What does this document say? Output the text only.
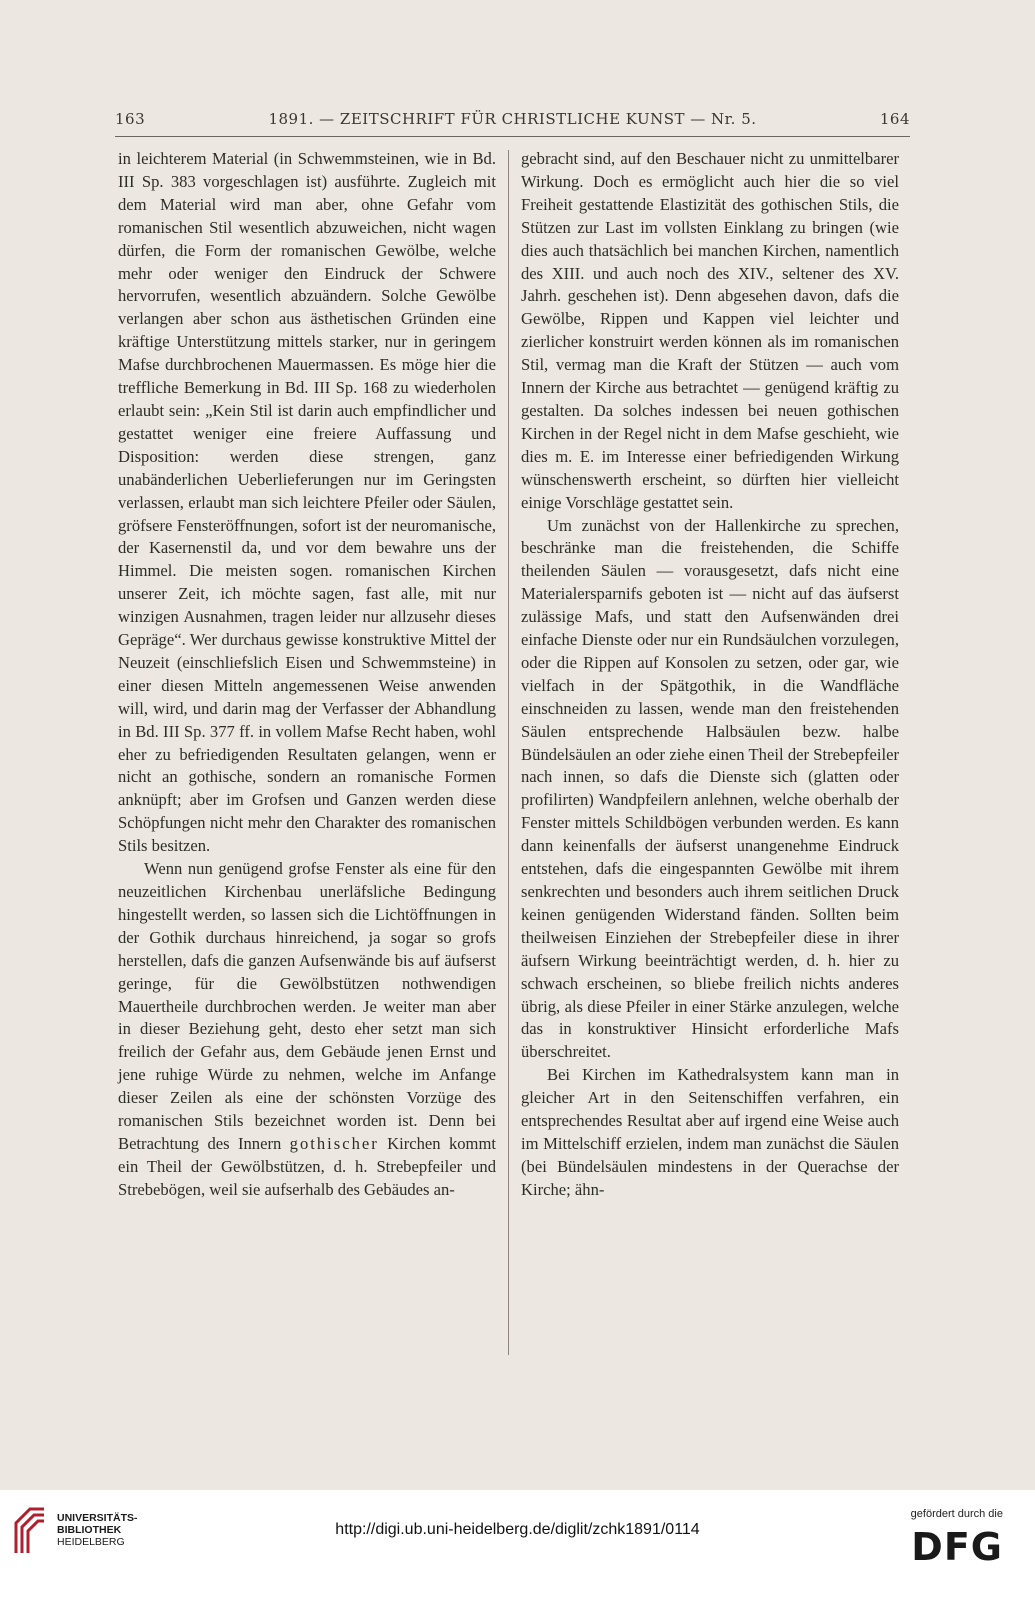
163	1891. — ZEITSCHRIFT FÜR CHRISTLICHE KUNST — Nr. 5.	164

in leichterem Material (in Schwemmsteinen, wie in Bd. III Sp. 383 vorgeschlagen ist) ausführte. Zugleich mit dem Material wird man aber, ohne Gefahr vom romanischen Stil wesentlich abzuweichen, nicht wagen dürfen, die Form der romanischen Gewölbe, welche mehr oder weniger den Eindruck der Schwere hervorrufen, wesentlich abzuändern. Solche Gewölbe verlangen aber schon aus ästhetischen Gründen eine kräftige Unterstützung mittels starker, nur in geringem Mafse durchbrochenen Mauermassen. Es möge hier die treffliche Bemerkung in Bd. III Sp. 168 zu wiederholen erlaubt sein: „Kein Stil ist darin auch empfindlicher und gestattet weniger eine freiere Auffassung und Disposition: werden diese strengen, ganz unabänderlichen Ueberlieferungen nur im Geringsten verlassen, erlaubt man sich leichtere Pfeiler oder Säulen, gröfsere Fensteröffnungen, sofort ist der neuromanische, der Kasernenstil da, und vor dem bewahre uns der Himmel. Die meisten sogen. romanischen Kirchen unserer Zeit, ich möchte sagen, fast alle, mit nur winzigen Ausnahmen, tragen leider nur allzusehr dieses Gepräge“. Wer durchaus gewisse konstruktive Mittel der Neuzeit (einschliefslich Eisen und Schwemmsteine) in einer diesen Mitteln angemessenen Weise anwenden will, wird, und darin mag der Verfasser der Abhandlung in Bd. III Sp. 377 ff. in vollem Mafse Recht haben, wohl eher zu befriedigenden Resultaten gelangen, wenn er nicht an gothische, sondern an romanische Formen anknüpft; aber im Grofsen und Ganzen werden diese Schöpfungen nicht mehr den Charakter des romanischen Stils besitzen.

Wenn nun genügend grofse Fenster als eine für den neuzeitlichen Kirchenbau unerläfsliche Bedingung hingestellt werden, so lassen sich die Lichtöffnungen in der Gothik durchaus hinreichend, ja sogar so grofs herstellen, dafs die ganzen Aufsenwände bis auf äufserst geringe, für die Gewölbstützen nothwendigen Mauertheile durchbrochen werden. Je weiter man aber in dieser Beziehung geht, desto eher setzt man sich freilich der Gefahr aus, dem Gebäude jenen Ernst und jene ruhige Würde zu nehmen, welche im Anfange dieser Zeilen als eine der schönsten Vorzüge des romanischen Stils bezeichnet worden ist. Denn bei Betrachtung des Innern gothischer Kirchen kommt ein Theil der Gewölbstützen, d. h. Strebepfeiler und Strebebögen, weil sie aufserhalb des Gebäudes an-

gebracht sind, auf den Beschauer nicht zu unmittelbarer Wirkung. Doch es ermöglicht auch hier die so viel Freiheit gestattende Elastizität des gothischen Stils, die Stützen zur Last im vollsten Einklang zu bringen (wie dies auch thatsächlich bei manchen Kirchen, namentlich des XIII. und auch noch des XIV., seltener des XV. Jahrh. geschehen ist). Denn abgesehen davon, dafs die Gewölbe, Rippen und Kappen viel leichter und zierlicher konstruirt werden können als im romanischen Stil, vermag man die Kraft der Stützen — auch vom Innern der Kirche aus betrachtet — genügend kräftig zu gestalten. Da solches indessen bei neuen gothischen Kirchen in der Regel nicht in dem Mafse geschieht, wie dies m. E. im Interesse einer befriedigenden Wirkung wünschenswerth erscheint, so dürften hier vielleicht einige Vorschläge gestattet sein.

Um zunächst von der Hallenkirche zu sprechen, beschränke man die freistehenden, die Schiffe theilenden Säulen — vorausgesetzt, dafs nicht eine Materialersparnifs geboten ist — nicht auf das äufserst zulässige Mafs, und statt den Aufsenwänden drei einfache Dienste oder nur ein Rundsäulchen vorzulegen, oder die Rippen auf Konsolen zu setzen, oder gar, wie vielfach in der Spätgothik, in die Wandfläche einschneiden zu lassen, wende man den freistehenden Säulen entsprechende Halbsäulen bezw. halbe Bündelsäulen an oder ziehe einen Theil der Strebepfeiler nach innen, so dafs die Dienste sich (glatten oder profilirten) Wandpfeilern anlehnen, welche oberhalb der Fenster mittels Schildbögen verbunden werden. Es kann dann keinenfalls der äufserst unangenehme Eindruck entstehen, dafs die eingespannten Gewölbe mit ihrem senkrechten und besonders auch ihrem seitlichen Druck keinen genügenden Widerstand fänden. Sollten beim theilweisen Einziehen der Strebepfeiler diese in ihrer äufsern Wirkung beeinträchtigt werden, d. h. hier zu schwach erscheinen, so bliebe freilich nichts anderes übrig, als diese Pfeiler in einer Stärke anzulegen, welche das in konstruktiver Hinsicht erforderliche Mafs überschreitet.

Bei Kirchen im Kathedralsystem kann man in gleicher Art in den Seitenschiffen verfahren, ein entsprechendes Resultat aber auf irgend eine Weise auch im Mittelschiff erzielen, indem man zunächst die Säulen (bei Bündelsäulen mindestens in der Querachse der Kirche; ähn-

UNIVERSITÄTS-
BIBLIOTHEK
HEIDELBERG
http://digi.ub.uni-heidelberg.de/diglit/zchk1891/0114
gefördert durch die
DFG
